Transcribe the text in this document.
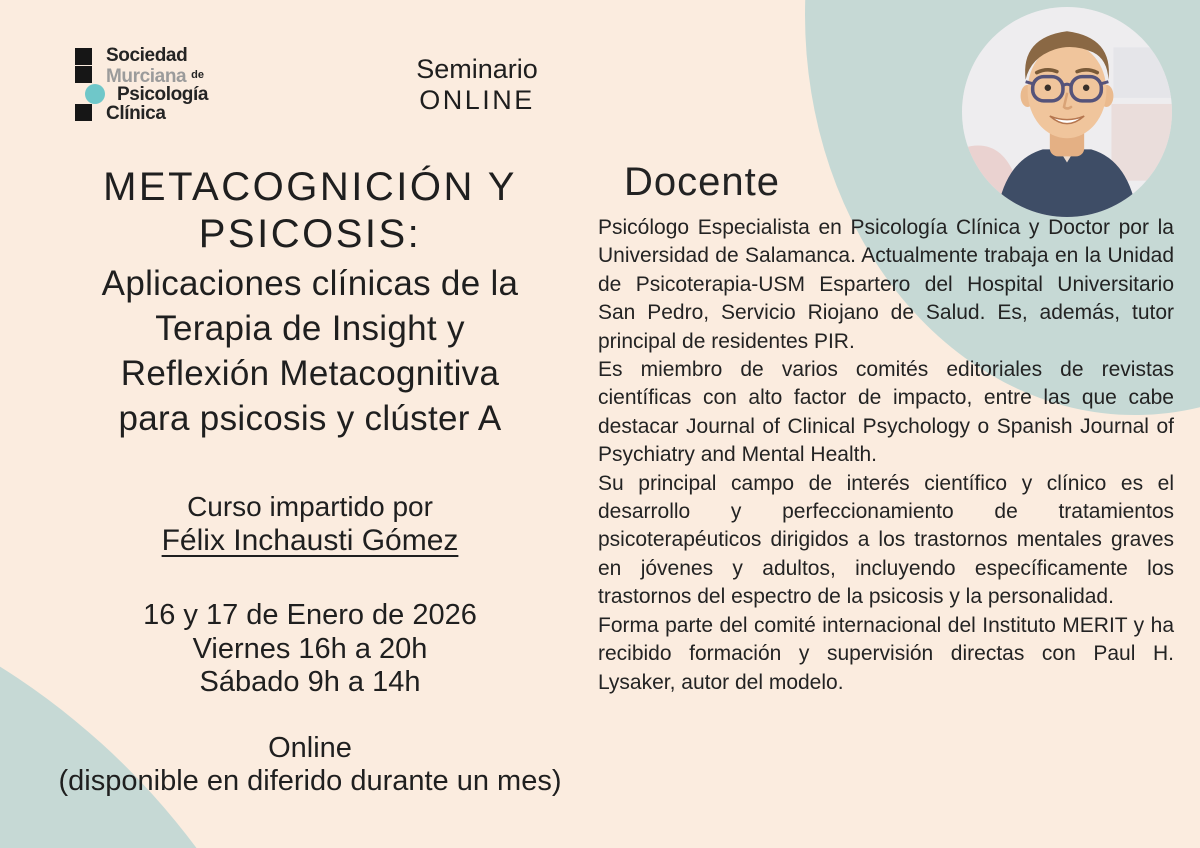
Sociedad
Murciana $^{de}$
Psicología
Clínica
Seminario
ONLINE
METACOGNICIÓN Y
PSICOSIS:
Aplicaciones clínicas de la
Terapia de Insight y
Reflexión Metacognitiva
para psicosis y clúster A
Curso impartido por
Félix Inchausti Gómez
16 y 17 de Enero de 2026
Viernes 16h a 20h
Sábado 9h a 14h
Online
(disponible en diferido durante un mes)
Docente

Psicólogo Especialista en Psicología Clínica y Doctor por la Universidad de Salamanca. Actualmente trabaja en la Unidad de Psicoterapia-USM Espartero del Hospital Universitario San Pedro, Servicio Riojano de Salud. Es, además, tutor principal de residentes PIR.

Es miembro de varios comités editoriales de revistas científicas con alto factor de impacto, entre las que cabe destacar Journal of Clinical Psychology o Spanish Journal of Psychiatry and Mental Health.

Su principal campo de interés científico y clínico es el desarrollo y perfeccionamiento de tratamientos psicoterapéuticos dirigidos a los trastornos mentales graves en jóvenes y adultos, incluyendo específicamente los trastornos del espectro de la psicosis y la personalidad.

Forma parte del comité internacional del Instituto MERIT y ha recibido formación y supervisión directas con Paul H. Lysaker, autor del modelo.
